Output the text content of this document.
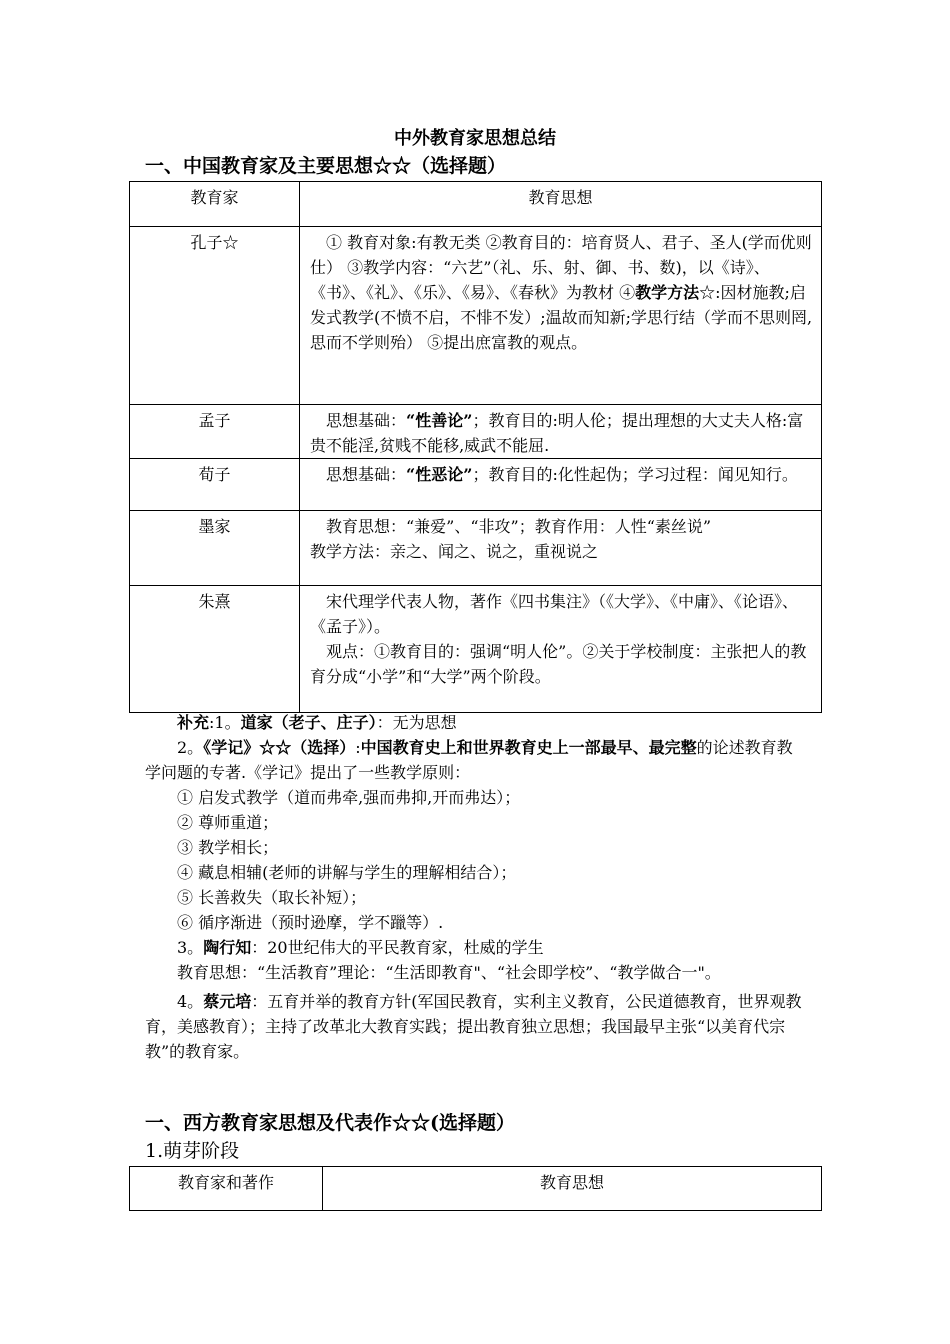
中外教育家思想总结
一、中国教育家及主要思想☆☆（选择题）
教育家	教育思想
孔子☆	① 教育对象:有教无类 ②教育目的：培育贤人、君子、圣人(学而优则仕） ③教学内容：“六艺”（礼、乐、射、御、书、数)，以《诗》、《书》、《礼》、《乐》、《易》、《春秋》为教材 ④教学方法☆:因材施教;启发式教学(不愤不启，不悱不发）;温故而知新;学思行结（学而不思则罔,思而不学则殆） ⑤提出庶富教的观点。

孟子	思想基础：“性善论”；教育目的:明人伦；提出理想的大丈夫人格:富贵不能淫,贫贱不能移,威武不能屈.

荀子	思想基础：“性恶论”；教育目的:化性起伪；学习过程：闻见知行。

墨家	教育思想：“兼爱”、“非攻”；教育作用：人性“素丝说”

教学方法：亲之、闻之、说之，重视说之

朱熹	宋代理学代表人物，著作《四书集注》（《大学》、《中庸》、《论语》、《孟子》）。

观点：①教育目的：强调“明人伦”。②关于学校制度：主张把人的教育分成“小学”和“大学”两个阶段。

补充:1。道家（老子、庄子）：无为思想

2。《学记》☆☆（选择）:中国教育史上和世界教育史上一部最早、最完整的论述教育教学问题的专著.《学记》提出了一些教学原则：

① 启发式教学（道而弗牵,强而弗抑,开而弗达）；

② 尊师重道；

③ 教学相长；

④ 藏息相辅(老师的讲解与学生的理解相结合）；

⑤ 长善救失（取长补短）；

⑥ 循序渐进（预时逊摩，学不躐等）.

3。陶行知：20世纪伟大的平民教育家，杜威的学生

教育思想：“生活教育”理论：“生活即教育"、“社会即学校”、“教学做合一"。

4。蔡元培：五育并举的教育方针(军国民教育，实利主义教育，公民道德教育，世界观教育，美感教育）；主持了改革北大教育实践；提出教育独立思想；我国最早主张“以美育代宗教”的教育家。

一、西方教育家思想及代表作☆☆(选择题）
1.萌芽阶段
教育家和著作	教育思想
